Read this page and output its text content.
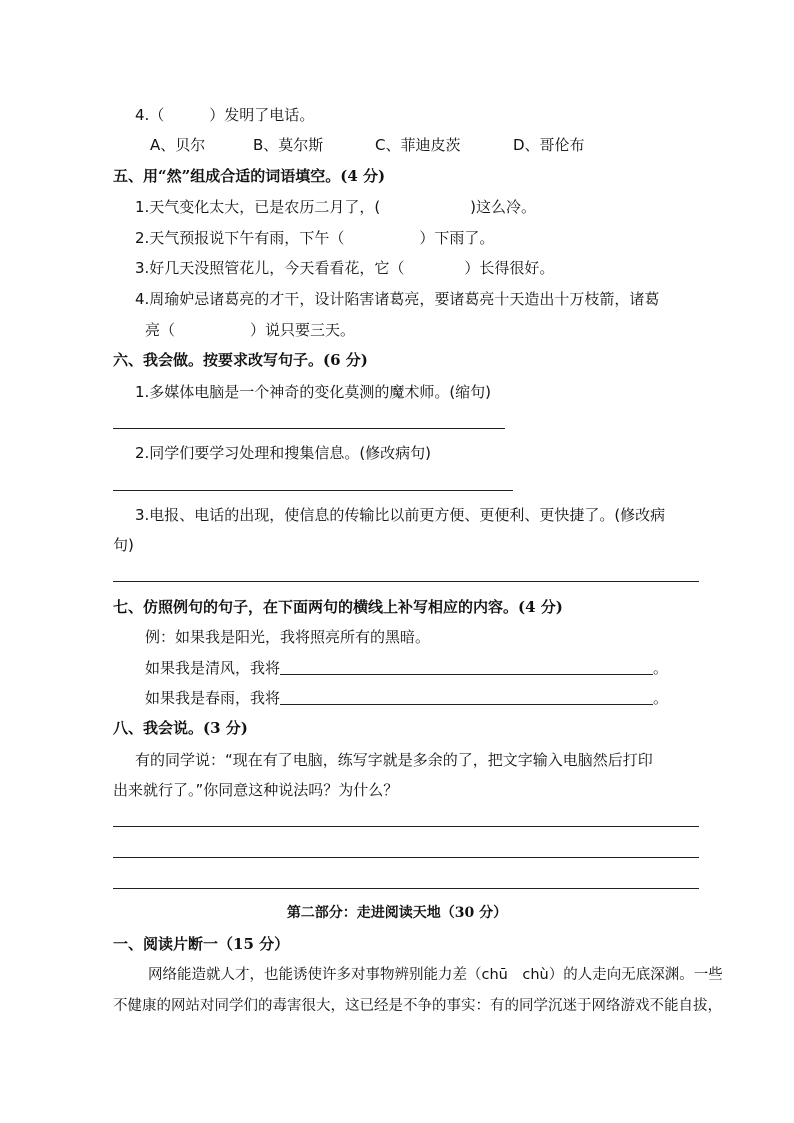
4.（　　　）发明了电话。
A、贝尔	B、莫尔斯	C、菲迪皮茨	D、哥伦布
五、用“然”组成合适的词语填空。(4 分)
1.天气变化太大，已是农历二月了，(　　　　　　)这么冷。
2.天气预报说下午有雨，下午（　　　　　）下雨了。
3.好几天没照管花儿，今天看看花，它（　　　　）长得很好。
4.周瑜妒忌诸葛亮的才干，设计陷害诸葛亮，要诸葛亮十天造出十万枝箭，诸葛
亮（　　　　　）说只要三天。
六、我会做。按要求改写句子。(6 分)
1.多媒体电脑是一个神奇的变化莫测的魔术师。(缩句)
2.同学们要学习处理和搜集信息。(修改病句)
3.电报、电话的出现，使信息的传输比以前更方便、更便利、更快捷了。(修改病
句)
七、仿照例句的句子，在下面两句的横线上补写相应的内容。(4 分)
例：如果我是阳光，我将照亮所有的黑暗。
如果我是清风，我将	。
如果我是春雨，我将	。
八、我会说。(3 分)
有的同学说：“现在有了电脑，练写字就是多余的了，把文字输入电脑然后打印
出来就行了。”你同意这种说法吗？为什么？
第二部分：走进阅读天地（30 分）
一、阅读片断一（15 分）
网络能造就人才，也能诱使许多对事物辨别能力差（chū　chù）的人走向无底深渊。一些
不健康的网站对同学们的毒害很大，这已经是不争的事实：有的同学沉迷于网络游戏不能自拔，
